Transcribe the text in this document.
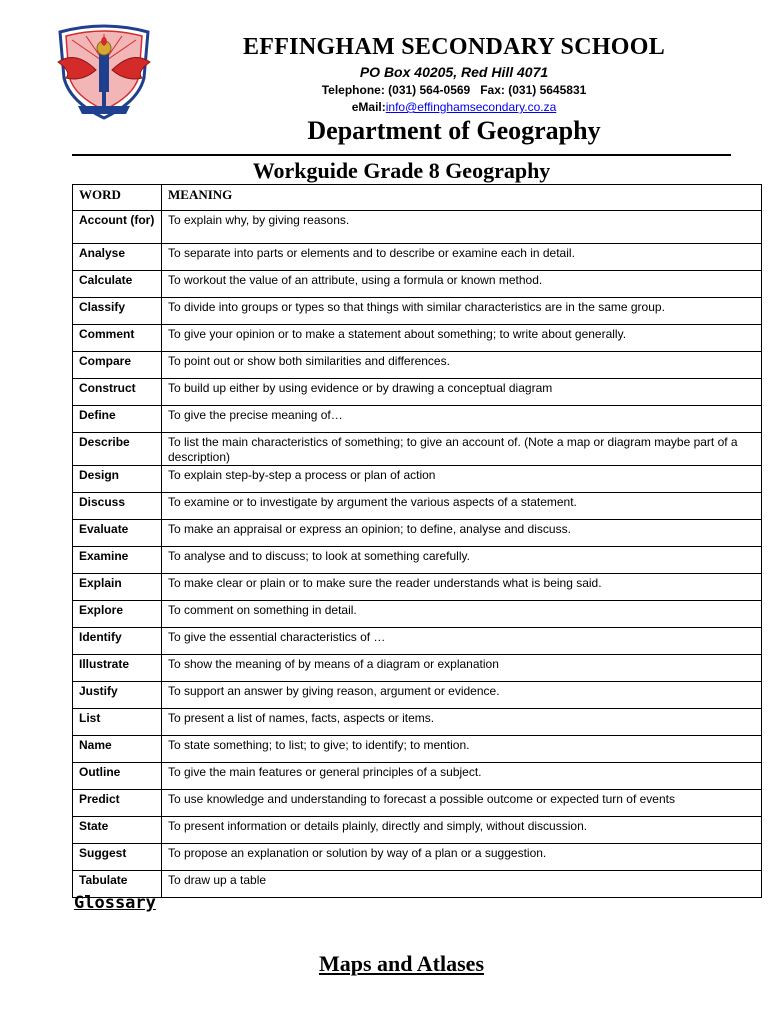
EFFINGHAM SECONDARY SCHOOL
PO Box 40205, Red Hill 4071
Telephone: (031) 564-0569 Fax: (031) 5645831
eMail:info@effinghamsecondary.co.za
Department of Geography
Workguide Grade 8 Geography
WORD	MEANING
Account (for)	To explain why, by giving reasons.
Analyse	To separate into parts or elements and to describe or examine each in detail.
Calculate	To workout the value of an attribute, using a formula or known method.
Classify	To divide into groups or types so that things with similar characteristics are in the same group.
Comment	To give your opinion or to make a statement about something; to write about generally.
Compare	To point out or show both similarities and differences.
Construct	To build up either by using evidence or by drawing a conceptual diagram
Define	To give the precise meaning of…
Describe	To list the main characteristics of something; to give an account of. (Note a map or diagram maybe part of a description)
Design	To explain step-by-step a process or plan of action
Discuss	To examine or to investigate by argument the various aspects of a statement.
Evaluate	To make an appraisal or express an opinion; to define, analyse and discuss.
Examine	To analyse and to discuss; to look at something carefully.
Explain	To make clear or plain or to make sure the reader understands what is being said.
Explore	To comment on something in detail.
Identify	To give the essential characteristics of …
Illustrate	To show the meaning of by means of a diagram or explanation
Justify	To support an answer by giving reason, argument or evidence.
List	To present a list of names, facts, aspects or items.
Name	To state something; to list; to give; to identify; to mention.
Outline	To give the main features or general principles of a subject.
Predict	To use knowledge and understanding to forecast a possible outcome or expected turn of events
State	To present information or details plainly, directly and simply, without discussion.
Suggest	To propose an explanation or solution by way of a plan or a suggestion.
Tabulate	To draw up a table
Glossary
Maps and Atlases
